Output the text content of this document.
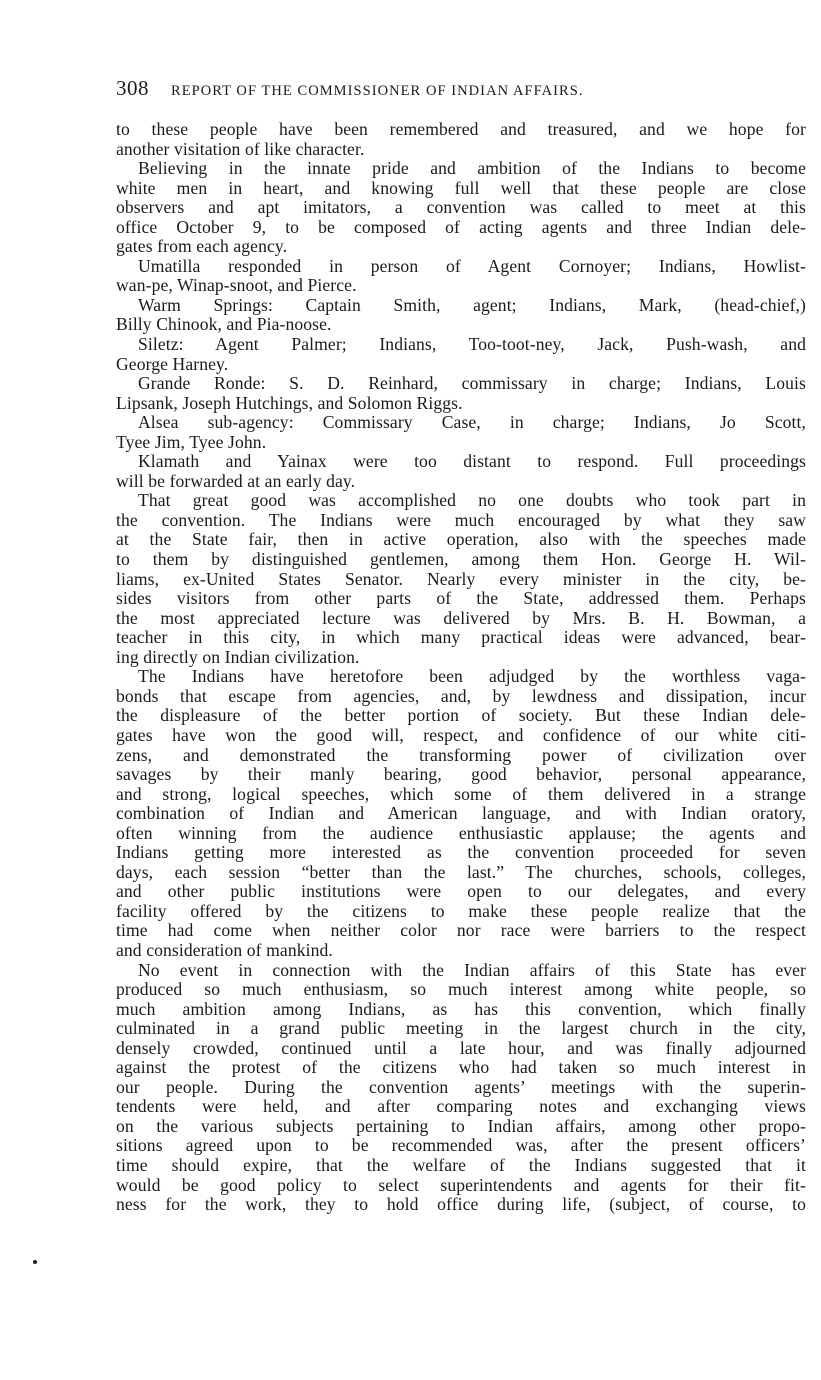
308 REPORT OF THE COMMISSIONER OF INDIAN AFFAIRS.

to these people have been remembered and treasured, and we hope for
another visitation of like character.

Believing in the innate pride and ambition of the Indians to become
white men in heart, and knowing full well that these people are close
observers and apt imitators, a convention was called to meet at this
office October 9, to be composed of acting agents and three Indian dele-
gates from each agency.

Umatilla responded in person of Agent Cornoyer; Indians, Howlist-
wan-pe, Winap-snoot, and Pierce.

Warm Springs: Captain Smith, agent; Indians, Mark, (head-chief,)
Billy Chinook, and Pia-noose.

Siletz: Agent Palmer; Indians, Too-toot-ney, Jack, Push-wash, and
George Harney.

Grande Ronde: S. D. Reinhard, commissary in charge; Indians, Louis
Lipsank, Joseph Hutchings, and Solomon Riggs.

Alsea sub-agency: Commissary Case, in charge; Indians, Jo Scott,
Tyee Jim, Tyee John.

Klamath and Yainax were too distant to respond. Full proceedings
will be forwarded at an early day.

That great good was accomplished no one doubts who took part in
the convention. The Indians were much encouraged by what they saw
at the State fair, then in active operation, also with the speeches made
to them by distinguished gentlemen, among them Hon. George H. Wil-
liams, ex-United States Senator. Nearly every minister in the city, be-
sides visitors from other parts of the State, addressed them. Perhaps
the most appreciated lecture was delivered by Mrs. B. H. Bowman, a
teacher in this city, in which many practical ideas were advanced, bear-
ing directly on Indian civilization.

The Indians have heretofore been adjudged by the worthless vaga-
bonds that escape from agencies, and, by lewdness and dissipation, incur
the displeasure of the better portion of society. But these Indian dele-
gates have won the good will, respect, and confidence of our white citi-
zens, and demonstrated the transforming power of civilization over
savages by their manly bearing, good behavior, personal appearance,
and strong, logical speeches, which some of them delivered in a strange
combination of Indian and American language, and with Indian oratory,
often winning from the audience enthusiastic applause; the agents and
Indians getting more interested as the convention proceeded for seven
days, each session “better than the last.” The churches, schools, colleges,
and other public institutions were open to our delegates, and every
facility offered by the citizens to make these people realize that the
time had come when neither color nor race were barriers to the respect
and consideration of mankind.

No event in connection with the Indian affairs of this State has ever
produced so much enthusiasm, so much interest among white people, so
much ambition among Indians, as has this convention, which finally
culminated in a grand public meeting in the largest church in the city,
densely crowded, continued until a late hour, and was finally adjourned
against the protest of the citizens who had taken so much interest in
our people. During the convention agents’ meetings with the superin-
tendents were held, and after comparing notes and exchanging views
on the various subjects pertaining to Indian affairs, among other propo-
sitions agreed upon to be recommended was, after the present officers’
time should expire, that the welfare of the Indians suggested that it
would be good policy to select superintendents and agents for their fit-
ness for the work, they to hold office during life, (subject, of course, to
